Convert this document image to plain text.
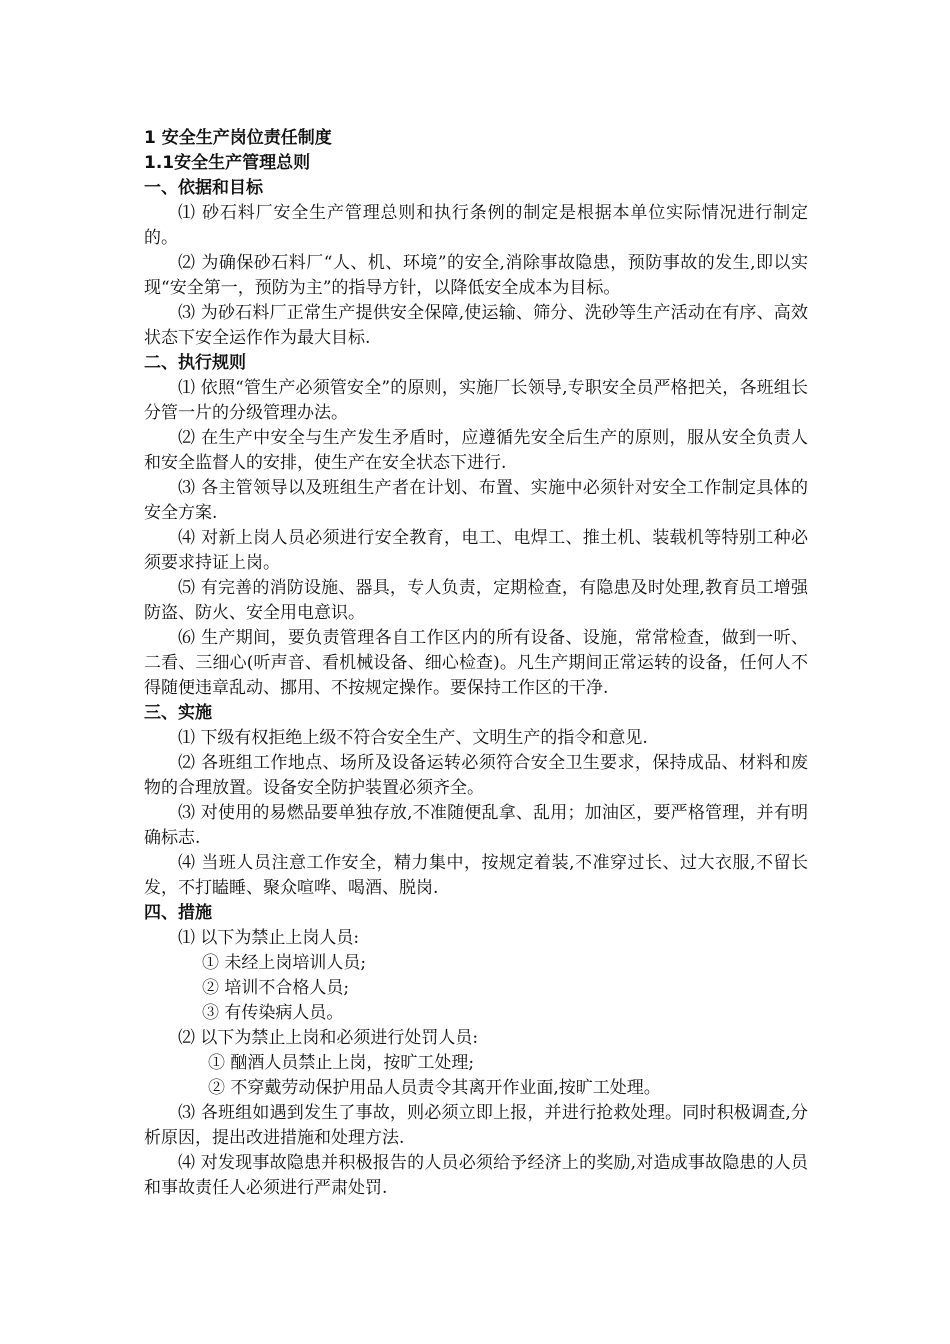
1 安全生产岗位责任制度

1.1安全生产管理总则

一、依据和目标

⑴ 砂石料厂安全生产管理总则和执行条例的制定是根据本单位实际情况进行制定的。

⑵ 为确保砂石料厂“人、机、环境”的安全,消除事故隐患，预防事故的发生,即以实现“安全第一，预防为主”的指导方针，以降低安全成本为目标。

⑶ 为砂石料厂正常生产提供安全保障,使运输、筛分、洗砂等生产活动在有序、高效状态下安全运作作为最大目标.

二、执行规则

⑴ 依照“管生产必须管安全”的原则，实施厂长领导,专职安全员严格把关，各班组长分管一片的分级管理办法。

⑵ 在生产中安全与生产发生矛盾时，应遵循先安全后生产的原则，服从安全负责人和安全监督人的安排，使生产在安全状态下进行.

⑶ 各主管领导以及班组生产者在计划、布置、实施中必须针对安全工作制定具体的安全方案.

⑷ 对新上岗人员必须进行安全教育，电工、电焊工、推土机、装载机等特别工种必须要求持证上岗。

⑸ 有完善的消防设施、器具，专人负责，定期检查，有隐患及时处理,教育员工增强防盗、防火、安全用电意识。

⑹ 生产期间，要负责管理各自工作区内的所有设备、设施，常常检查，做到一听、二看、三细心(听声音、看机械设备、细心检查)。凡生产期间正常运转的设备，任何人不得随便违章乱动、挪用、不按规定操作。要保持工作区的干净.

三、实施

⑴ 下级有权拒绝上级不符合安全生产、文明生产的指令和意见.

⑵ 各班组工作地点、场所及设备运转必须符合安全卫生要求，保持成品、材料和废物的合理放置。设备安全防护装置必须齐全。

⑶ 对使用的易燃品要单独存放,不准随便乱拿、乱用；加油区，要严格管理，并有明确标志.

⑷ 当班人员注意工作安全，精力集中，按规定着装,不准穿过长、过大衣服,不留长发，不打瞌睡、聚众喧哗、喝酒、脱岗.

四、措施

⑴ 以下为禁止上岗人员:

① 未经上岗培训人员;

② 培训不合格人员;

③ 有传染病人员。

⑵ 以下为禁止上岗和必须进行处罚人员:

① 酗酒人员禁止上岗，按旷工处理;

② 不穿戴劳动保护用品人员责令其离开作业面,按旷工处理。

⑶ 各班组如遇到发生了事故，则必须立即上报，并进行抢救处理。同时积极调查,分析原因，提出改进措施和处理方法.

⑷ 对发现事故隐患并积极报告的人员必须给予经济上的奖励,对造成事故隐患的人员和事故责任人必须进行严肃处罚.
